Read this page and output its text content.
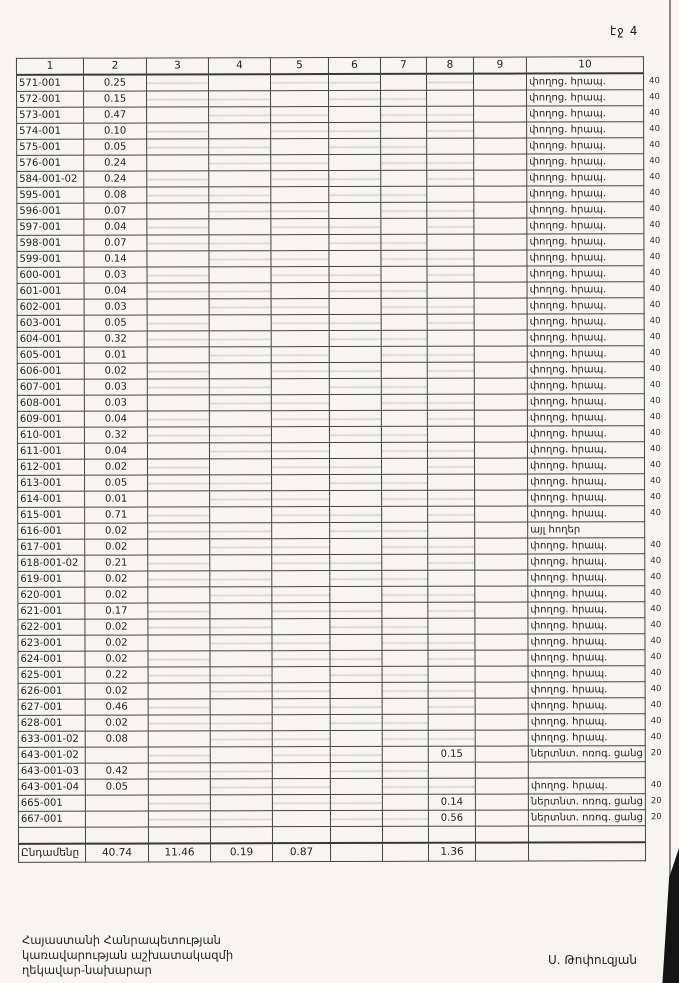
էջ 4
1	2	3	4	5	6	7	8	9	10	
571-001	0.25								փողոց. հրապ.	40
572-001	0.15								փողոց. հրապ.	40
573-001	0.47								փողոց. հրապ.	40
574-001	0.10								փողոց. հրապ.	40
575-001	0.05								փողոց. հրապ.	40
576-001	0.24								փողոց. հրապ.	40
584-001-02	0.24								փողոց. հրապ.	40
595-001	0.08								փողոց. հրապ.	40
596-001	0.07								փողոց. հրապ.	40
597-001	0.04								փողոց. հրապ.	40
598-001	0.07								փողոց. հրապ.	40
599-001	0.14								փողոց. հրապ.	40
600-001	0.03								փողոց. հրապ.	40
601-001	0.04								փողոց. հրապ.	40
602-001	0.03								փողոց. հրապ.	40
603-001	0.05								փողոց. հրապ.	40
604-001	0.32								փողոց. հրապ.	40
605-001	0.01								փողոց. հրապ.	40
606-001	0.02								փողոց. հրապ.	40
607-001	0.03								փողոց. հրապ.	40
608-001	0.03								փողոց. հրապ.	40
609-001	0.04								փողոց. հրապ.	40
610-001	0.32								փողոց. հրապ.	40
611-001	0.04								փողոց. հրապ.	40
612-001	0.02								փողոց. հրապ.	40
613-001	0.05								փողոց. հրապ.	40
614-001	0.01								փողոց. հրապ.	40
615-001	0.71								փողոց. հրապ.	40
616-001	0.02								այլ հողեր	
617-001	0.02								փողոց. հրապ.	40
618-001-02	0.21								փողոց. հրապ.	40
619-001	0.02								փողոց. հրապ.	40
620-001	0.02								փողոց. հրապ.	40
621-001	0.17								փողոց. հրապ.	40
622-001	0.02								փողոց. հրապ.	40
623-001	0.02								փողոց. հրապ.	40
624-001	0.02								փողոց. հրապ.	40
625-001	0.22								փողոց. հրապ.	40
626-001	0.02								փողոց. հրապ.	40
627-001	0.46								փողոց. հրապ.	40
628-001	0.02								փողոց. հրապ.	40
633-001-02	0.08								փողոց. հրապ.	40
643-001-02							0.15		ներտնտ. ոռոգ. ցանց	20
643-001-03	0.42									
643-001-04	0.05								փողոց. հրապ.	40
665-001							0.14		ներտնտ. ոռոգ. ցանց	20
667-001							0.56		ներտնտ. ոռոգ. ցանց	20

Ընդամենը	40.74	11.46	0.19	0.87			1.36			
Հայաստանի Հանրապետության
կառավարության աշխատակազմի
ղեկավար-նախարար
Ս. Թոփուզյան
